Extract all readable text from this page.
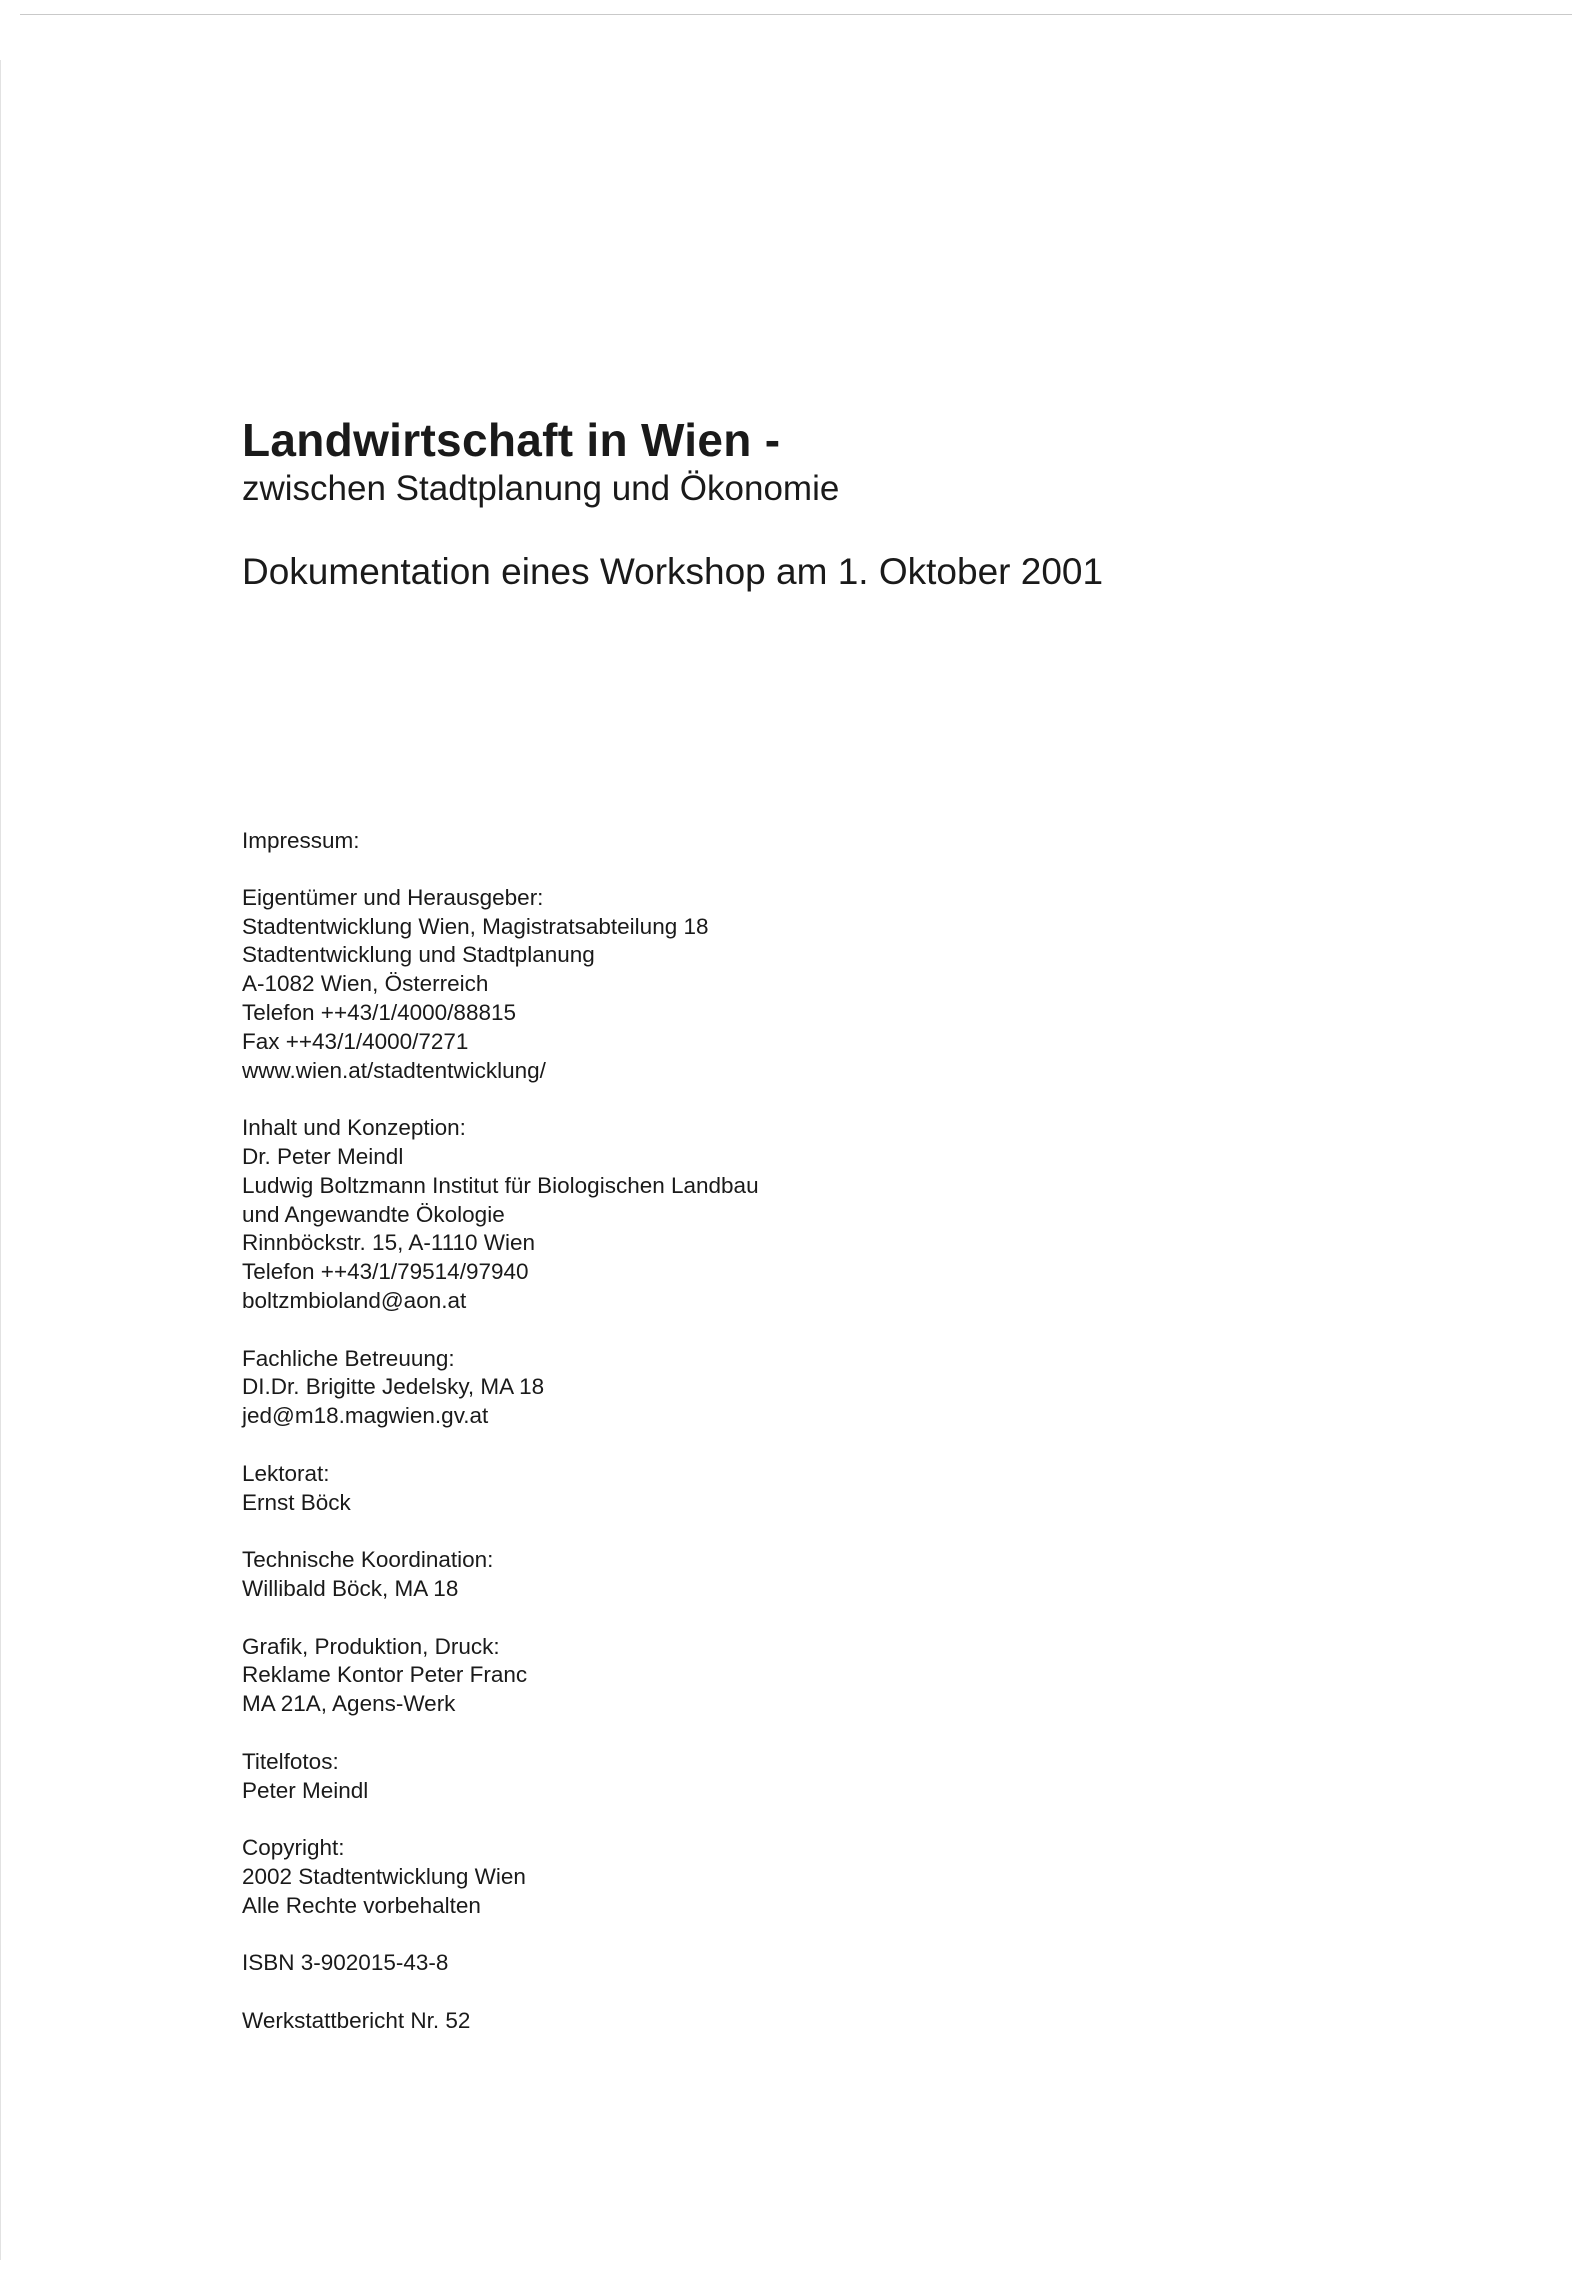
Landwirtschaft in Wien -

zwischen Stadtplanung und Ökonomie

Dokumentation eines Workshop am 1. Oktober 2001

Impressum:
Eigentümer und Herausgeber:
Stadtentwicklung Wien, Magistratsabteilung 18
Stadtentwicklung und Stadtplanung
A-1082 Wien, Österreich
Telefon ++43/1/4000/88815
Fax ++43/1/4000/7271
www.wien.at/stadtentwicklung/
Inhalt und Konzeption:
Dr. Peter Meindl
Ludwig Boltzmann Institut für Biologischen Landbau
und Angewandte Ökologie
Rinnböckstr. 15, A-1110 Wien
Telefon ++43/1/79514/97940
boltzmbioland@aon.at
Fachliche Betreuung:
DI.Dr. Brigitte Jedelsky, MA 18
jed@m18.magwien.gv.at
Lektorat:
Ernst Böck
Technische Koordination:
Willibald Böck, MA 18
Grafik, Produktion, Druck:
Reklame Kontor Peter Franc
MA 21A, Agens-Werk
Titelfotos:
Peter Meindl
Copyright:
2002 Stadtentwicklung Wien
Alle Rechte vorbehalten
ISBN 3-902015-43-8
Werkstattbericht Nr. 52
